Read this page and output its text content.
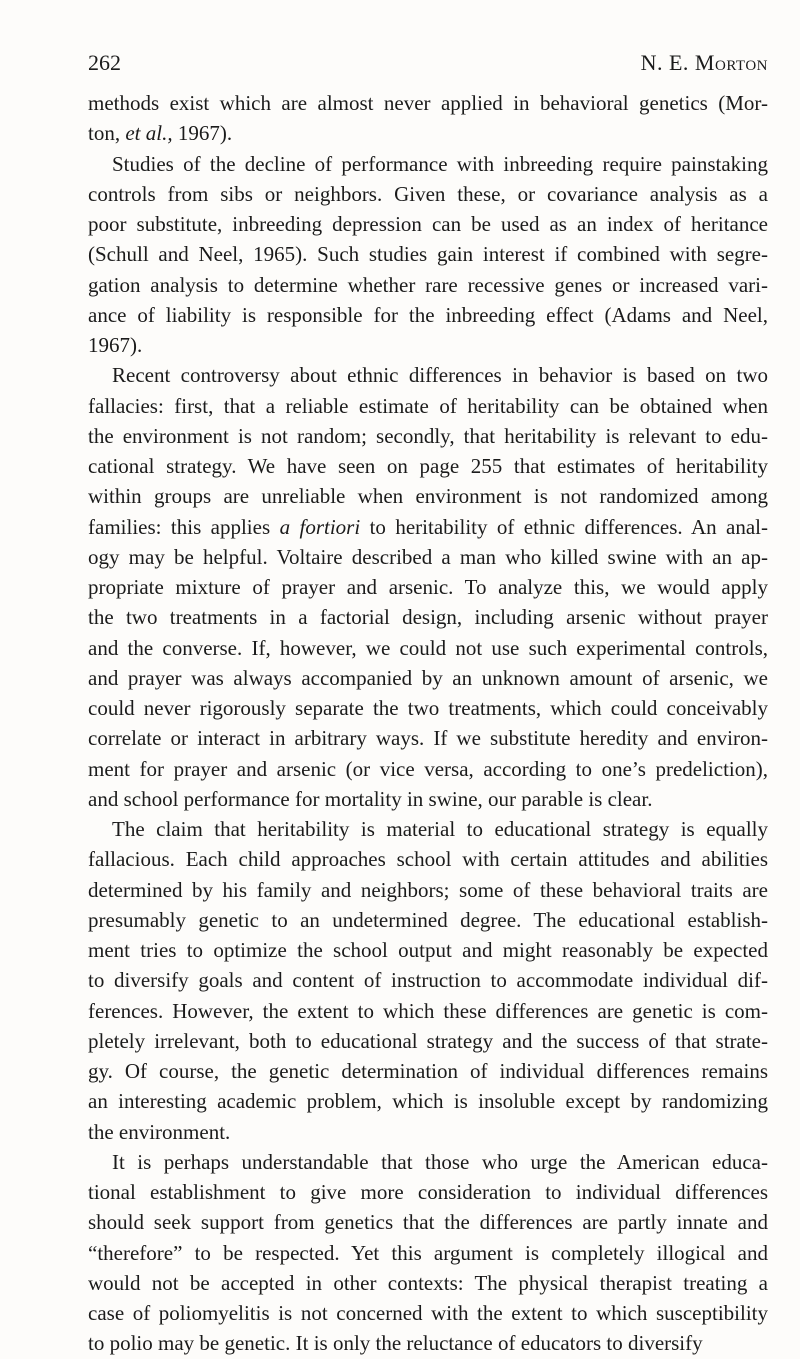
262	N. E. Morton
methods exist which are almost never applied in behavioral genetics (Mor-
ton, et al., 1967).
Studies of the decline of performance with inbreeding require painstaking
controls from sibs or neighbors. Given these, or covariance analysis as a
poor substitute, inbreeding depression can be used as an index of heritance
(Schull and Neel, 1965). Such studies gain interest if combined with segre-
gation analysis to determine whether rare recessive genes or increased vari-
ance of liability is responsible for the inbreeding effect (Adams and Neel,
1967).
Recent controversy about ethnic differences in behavior is based on two
fallacies: first, that a reliable estimate of heritability can be obtained when
the environment is not random; secondly, that heritability is relevant to edu-
cational strategy. We have seen on page 255 that estimates of heritability
within groups are unreliable when environment is not randomized among
families: this applies a fortiori to heritability of ethnic differences. An anal-
ogy may be helpful. Voltaire described a man who killed swine with an ap-
propriate mixture of prayer and arsenic. To analyze this, we would apply
the two treatments in a factorial design, including arsenic without prayer
and the converse. If, however, we could not use such experimental controls,
and prayer was always accompanied by an unknown amount of arsenic, we
could never rigorously separate the two treatments, which could conceivably
correlate or interact in arbitrary ways. If we substitute heredity and environ-
ment for prayer and arsenic (or vice versa, according to one’s predeliction),
and school performance for mortality in swine, our parable is clear.
The claim that heritability is material to educational strategy is equally
fallacious. Each child approaches school with certain attitudes and abilities
determined by his family and neighbors; some of these behavioral traits are
presumably genetic to an undetermined degree. The educational establish-
ment tries to optimize the school output and might reasonably be expected
to diversify goals and content of instruction to accommodate individual dif-
ferences. However, the extent to which these differences are genetic is com-
pletely irrelevant, both to educational strategy and the success of that strate-
gy. Of course, the genetic determination of individual differences remains
an interesting academic problem, which is insoluble except by randomizing
the environment.
It is perhaps understandable that those who urge the American educa-
tional establishment to give more consideration to individual differences
should seek support from genetics that the differences are partly innate and
“therefore” to be respected. Yet this argument is completely illogical and
would not be accepted in other contexts: The physical therapist treating a
case of poliomyelitis is not concerned with the extent to which susceptibility
to polio may be genetic. It is only the reluctance of educators to diversify
